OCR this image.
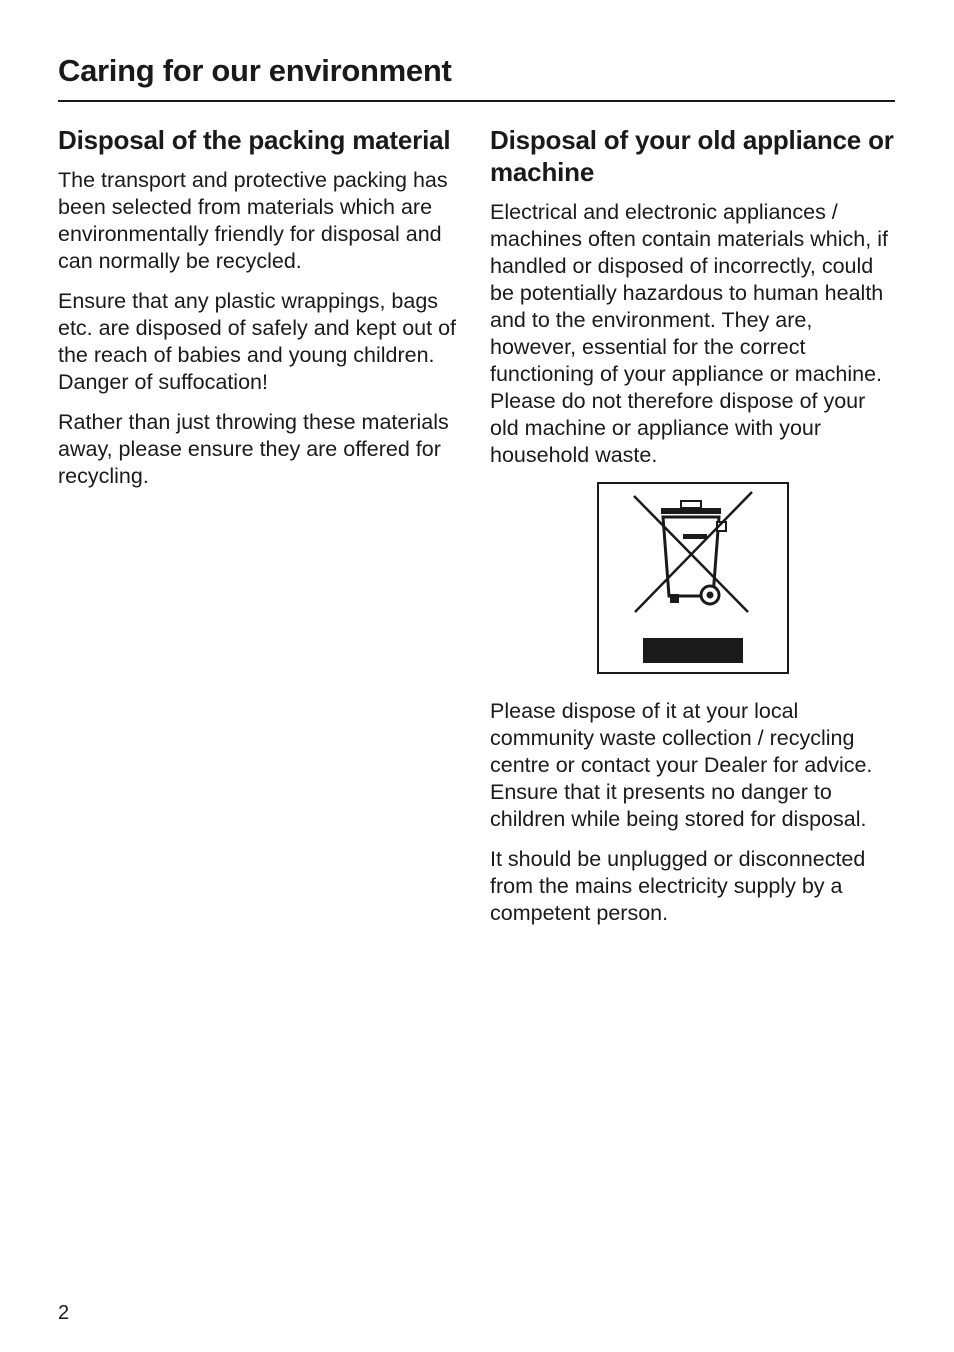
Caring for our environment
Disposal of the packing material

The transport and protective packing has been selected from materials which are environmentally friendly for disposal and can normally be recycled.

Ensure that any plastic wrappings, bags etc. are disposed of safely and kept out of the reach of babies and young children. Danger of suffocation!

Rather than just throwing these materials away, please ensure they are offered for recycling.

Disposal of your old appliance or machine

Electrical and electronic appliances / machines often contain materials which, if handled or disposed of incorrectly, could be potentially hazardous to human health and to the environment. They are, however, essential for the correct functioning of your appliance or machine. Please do not therefore dispose of your old machine or appliance with your household waste.

Please dispose of it at your local community waste collection / recycling centre or contact your Dealer for advice. Ensure that it presents no danger to children while being stored for disposal.

It should be unplugged or disconnected from the mains electricity supply by a competent person.

2
